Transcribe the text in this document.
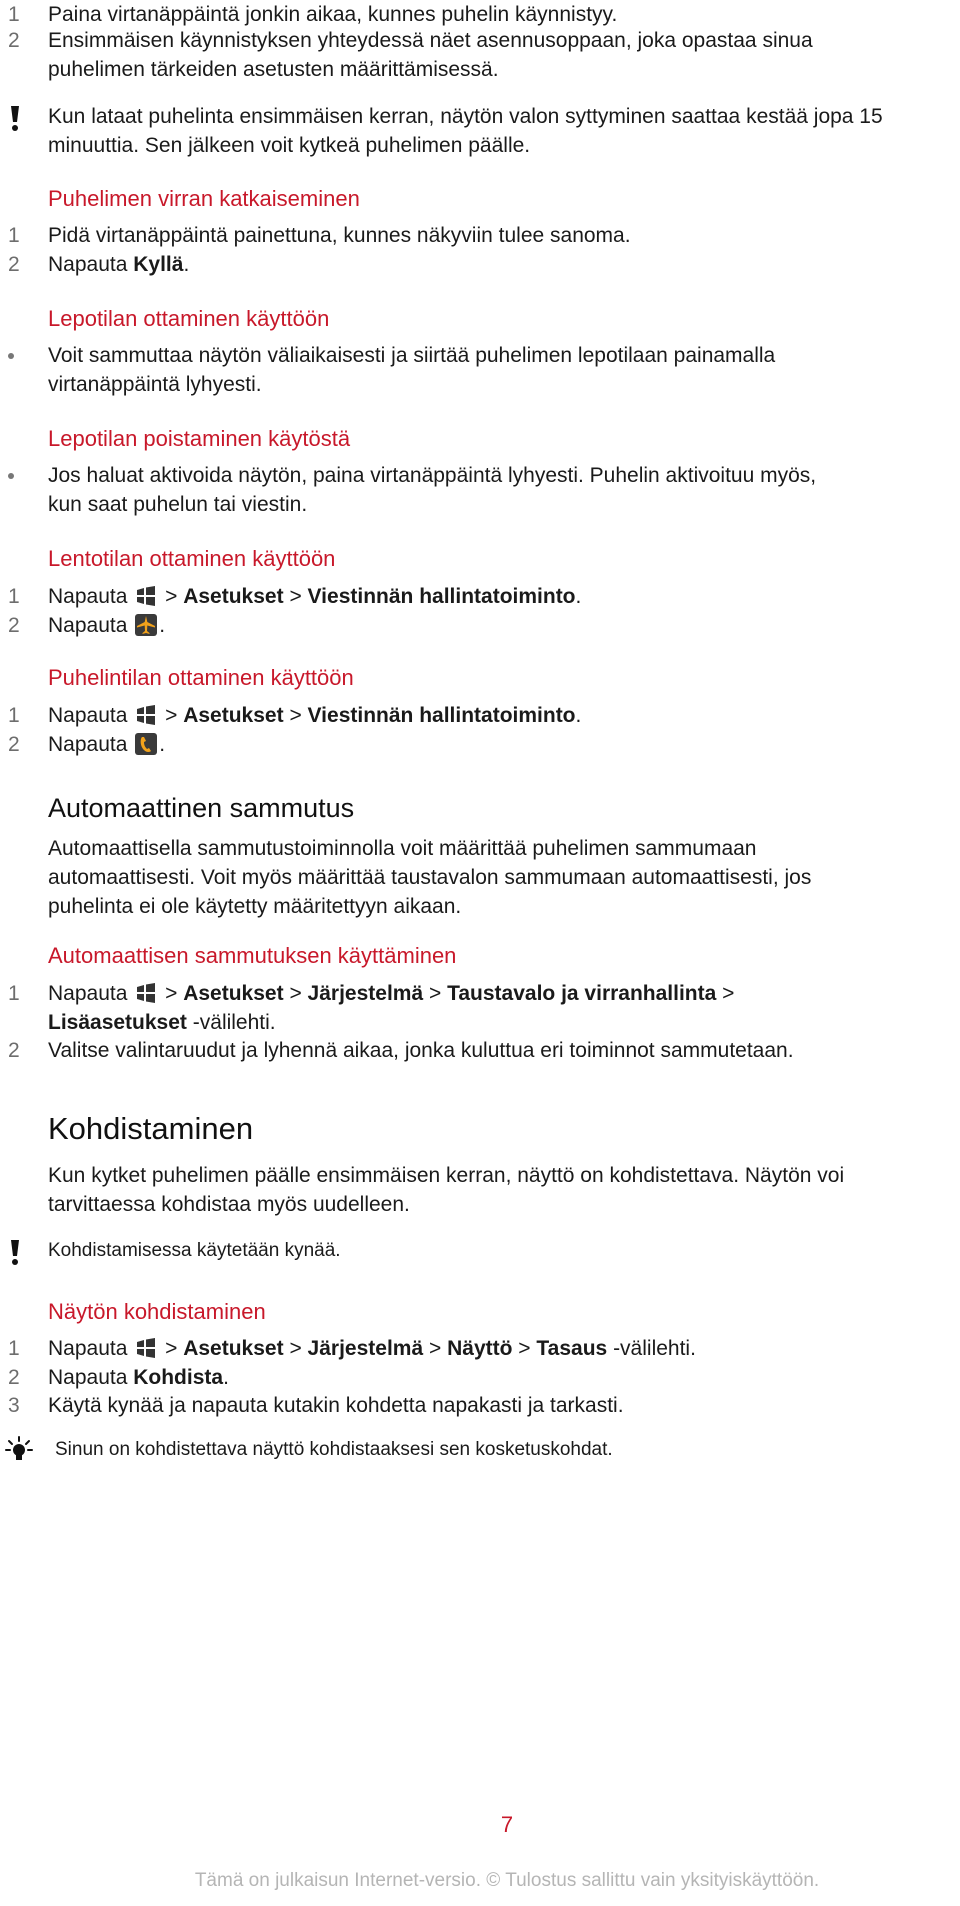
1	Paina virtanäppäintä jonkin aikaa, kunnes puhelin käynnistyy.
2	Ensimmäisen käynnistyksen yhteydessä näet asennusoppaan, joka opastaa sinua
puhelimen tärkeiden asetusten määrittämisessä.
Kun lataat puhelinta ensimmäisen kerran, näytön valon syttyminen saattaa kestää jopa 15
minuuttia. Sen jälkeen voit kytkeä puhelimen päälle.
Puhelimen virran katkaiseminen
1	Pidä virtanäppäintä painettuna, kunnes näkyviin tulee sanoma.
2	Napauta Kyllä.
Lepotilan ottaminen käyttöön
Voit sammuttaa näytön väliaikaisesti ja siirtää puhelimen lepotilaan painamalla
virtanäppäintä lyhyesti.
Lepotilan poistaminen käytöstä
Jos haluat aktivoida näytön, paina virtanäppäintä lyhyesti. Puhelin aktivoituu myös,
kun saat puhelun tai viestin.
Lentotilan ottaminen käyttöön
1	Napauta > Asetukset > Viestinnän hallintatoiminto.
2	Napauta .
Puhelintilan ottaminen käyttöön
1	Napauta > Asetukset > Viestinnän hallintatoiminto.
2	Napauta .
Automaattinen sammutus
Automaattisella sammutustoiminnolla voit määrittää puhelimen sammumaan
automaattisesti. Voit myös määrittää taustavalon sammumaan automaattisesti, jos
puhelinta ei ole käytetty määritettyyn aikaan.
Automaattisen sammutuksen käyttäminen
1	Napauta > Asetukset > Järjestelmä > Taustavalo ja virranhallinta >
Lisäasetukset -välilehti.
2	Valitse valintaruudut ja lyhennä aikaa, jonka kuluttua eri toiminnot sammutetaan.
Kohdistaminen
Kun kytket puhelimen päälle ensimmäisen kerran, näyttö on kohdistettava. Näytön voi
tarvittaessa kohdistaa myös uudelleen.
Kohdistamisessa käytetään kynää.
Näytön kohdistaminen
1	Napauta > Asetukset > Järjestelmä > Näyttö > Tasaus -välilehti.
2	Napauta Kohdista.
3	Käytä kynää ja napauta kutakin kohdetta napakasti ja tarkasti.
Sinun on kohdistettava näyttö kohdistaaksesi sen kosketuskohdat.
7
Tämä on julkaisun Internet-versio. © Tulostus sallittu vain yksityiskäyttöön.
